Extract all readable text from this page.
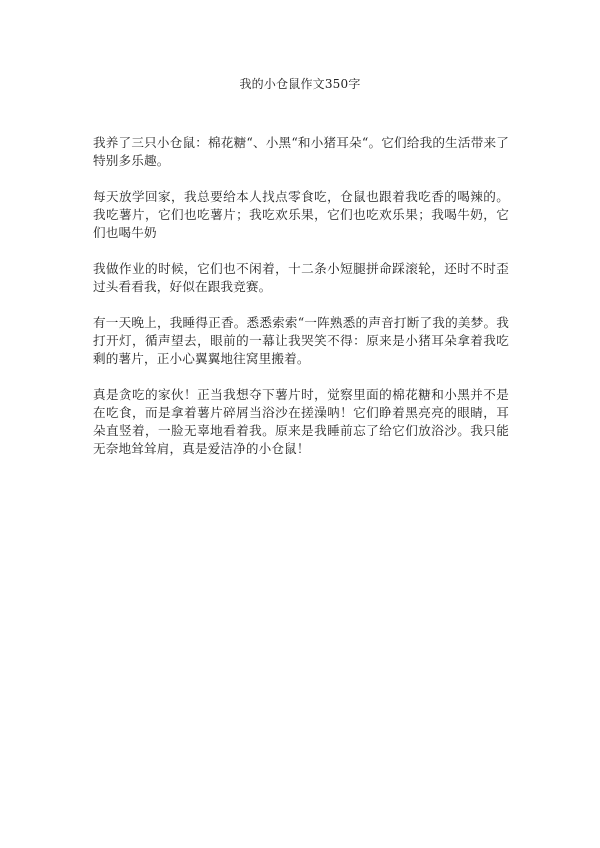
我的小仓鼠作文350字

我养了三只小仓鼠：棉花糖“、小黑“和小猪耳朵“。它们给我的生活带来了特别多乐趣。

每天放学回家，我总要给本人找点零食吃，仓鼠也跟着我吃香的喝辣的。我吃薯片，它们也吃薯片；我吃欢乐果，它们也吃欢乐果；我喝牛奶，它们也喝牛奶

我做作业的时候，它们也不闲着，十二条小短腿拼命踩滚轮，还时不时歪过头看看我，好似在跟我竞赛。

有一天晚上，我睡得正香。悉悉索索“一阵熟悉的声音打断了我的美梦。我打开灯，循声望去，眼前的一幕让我哭笑不得：原来是小猪耳朵拿着我吃剩的薯片，正小心翼翼地往窝里搬着。

真是贪吃的家伙！正当我想夺下薯片时，觉察里面的棉花糖和小黑并不是在吃食，而是拿着薯片碎屑当浴沙在搓澡呐！它们睁着黑亮亮的眼睛，耳朵直竖着，一脸无辜地看着我。原来是我睡前忘了给它们放浴沙。我只能无奈地耸耸肩，真是爱洁净的小仓鼠！
